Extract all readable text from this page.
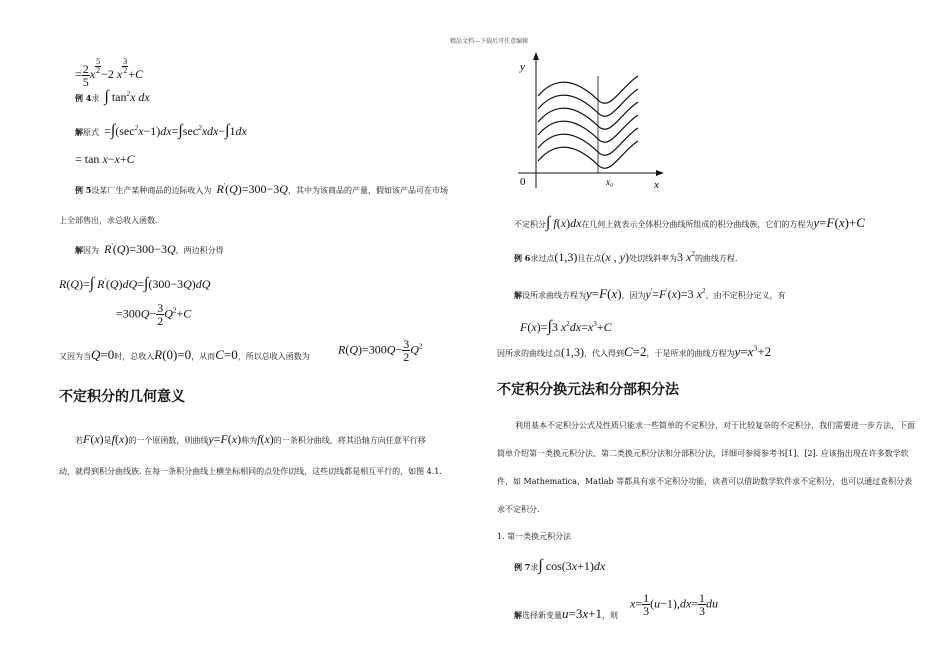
精品文档---下载后可任意编辑
= $\frac{2}{5}$ x $^{\frac{5}{2}}$ −2 x $^{\frac{3}{2}}$ +C
例 4求 ∫ $\tan^2x$ dx
解原式 $=\int(\sec^2x-1)dx=\int\sec^2xdx-\int 1dx$
= tan x−x+C
例 5设某厂生产某种商品的边际收入为 R'(Q)=300−3Q，其中为该商品的产量，假如该产品可在市场
上全部售出，求总收入函数.
解因为 R'(Q)=300−3Q，两边积分得
R(Q)=∫ R'(Q)dQ=∫(300−3Q)dQ
$=300Q- \frac{3}{2} Q^2+C$
又因为当Q=0时，总收入R(0)=0，从而C=0，所以总收入函数为
$R(Q)=300Q- \frac{3}{2} Q^2$
不定积分的几何意义
若F(x)是f(x)的一个原函数，则曲线y=F(x)称为f(x)的一条积分曲线，将其沿轴方向任意平行移
动，就得到积分曲线族. 在每一条积分曲线上横坐标相同的点处作切线，这些切线都是相互平行的，如图 4.1.
y
x
0	x₀
不定积分∫ f(x)dx在几何上就表示全体积分曲线所组成的积分曲线族，它们的方程为y=F(x)+C
例 6求过点(1,3)且在点(x , y)处切线斜率为3 $x^2$的曲线方程.
解设所求曲线方程为y=F(x)，因为y'=F'(x)=3 $x^2$，由不定积分定义，有
F(x)=∫3 $x^2dx=x^3+C$
因所求的曲线过点(1,3)，代入得到C=2，于是所求的曲线方程为$y=x^3+2$
不定积分换元法和分部积分法
利用基本不定积分公式及性质只能求一些简单的不定积分，对于比较复杂的不定积分，我们需要进一步方法，下面简单介绍第一类换元积分法、第二类换元积分法和分部积分法，详细可参阅参考书[1]、[2]. 应该指出现在许多数学软件，如 Mathematica，Matlab 等都具有求不定积分功能，读者可以借助数学软件求不定积分，也可以通过查积分表求不定积分.
1. 第一类换元积分法
例 7求∫ cos(3x+1)dx
解选择新变量u=3x+1，则
$x= \frac{1}{3} (u-1),dx= \frac{1}{3}$ du
